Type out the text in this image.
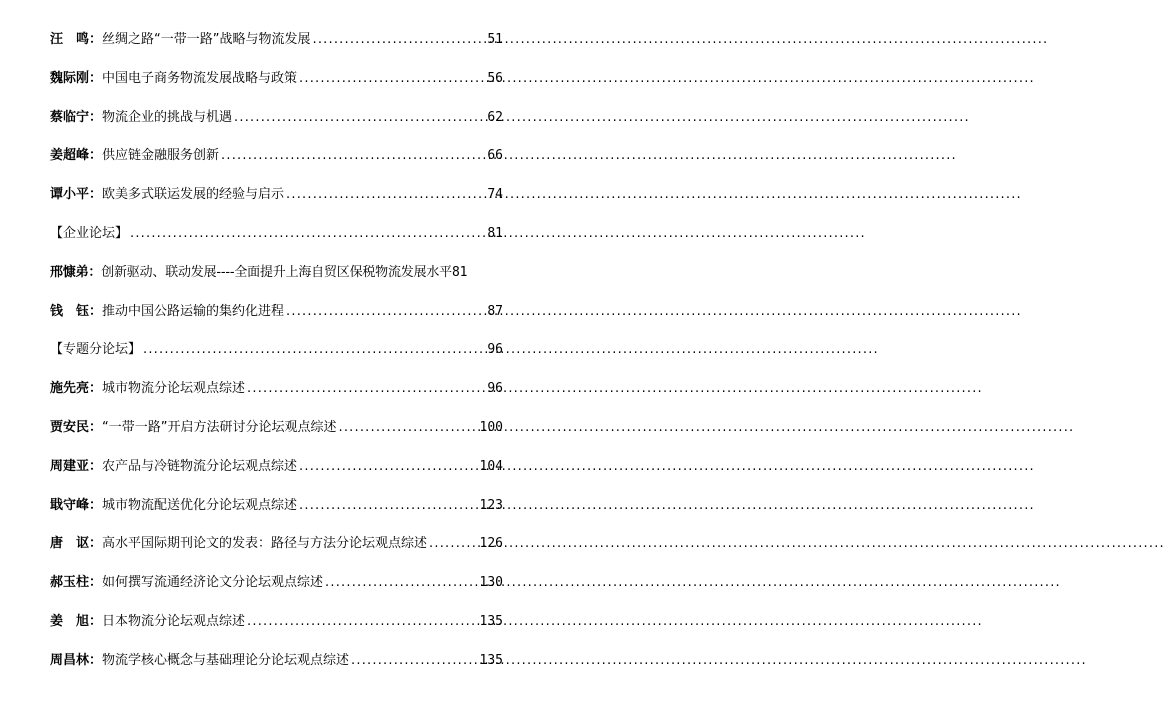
汪　鸣： 丝绸之路“一带一路”战略与物流发展 .....	51
魏际刚： 中国电子商务物流发展战略与政策 .....	56
蔡临宁： 物流企业的挑战与机遇 .....	62
姜超峰： 供应链金融服务创新 .....	66
谭小平： 欧美多式联运发展的经验与启示 .....	74
【企业论坛】 .....	81
邢慷弟： 创新驱动、联动发展----全面提升上海自贸区保税物流发展水平 81
钱　钰： 推动中国公路运输的集约化进程 .....	87
【专题分论坛】 .....	96
施先亮： 城市物流分论坛观点综述 .....	96
贾安民： “一带一路”开启方法研讨分论坛观点综述 .....	100
周建亚： 农产品与冷链物流分论坛观点综述 .....	104
戢守峰： 城市物流配送优化分论坛观点综述 .....	123
唐　讴： 高水平国际期刊论文的发表：路径与方法分论坛观点综述 .....	126
郝玉柱： 如何撰写流通经济论文分论坛观点综述 .....	130
姜　旭： 日本物流分论坛观点综述 .....	135
周昌林： 物流学核心概念与基础理论分论坛观点综述 .....	135
